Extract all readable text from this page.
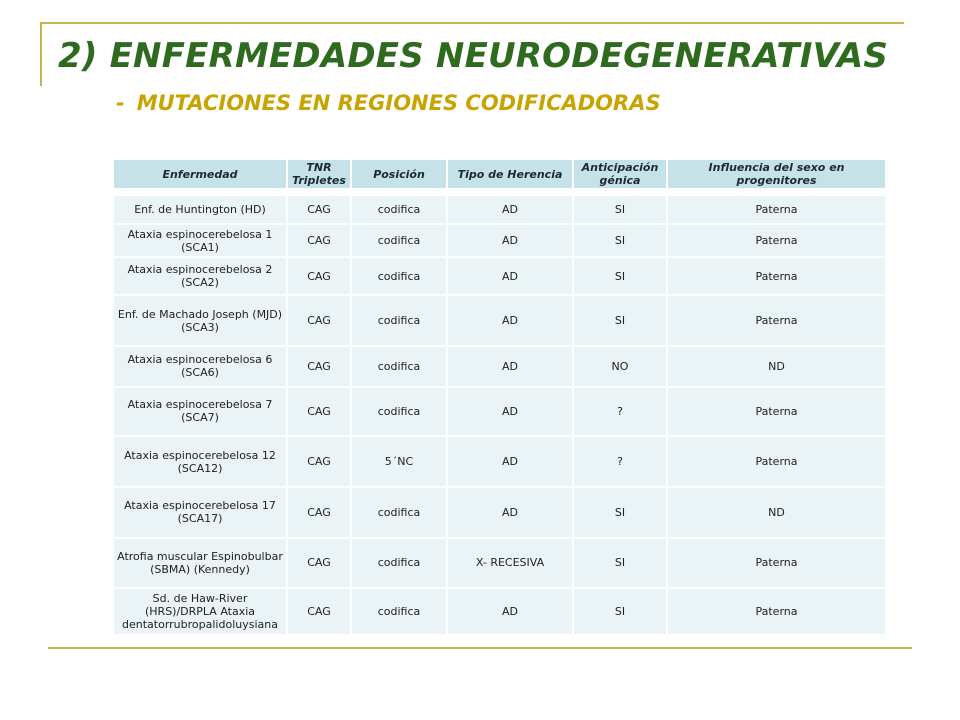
2) ENFERMEDADES NEURODEGENERATIVAS
- MUTACIONES EN REGIONES CODIFICADORAS
Enfermedad	TNR Tripletes	Posición	Tipo de Herencia	Anticipación génica	Influencia del sexo en progenitores

Enf. de Huntington (HD)	CAG	codifica	AD	SI	Paterna
Ataxia espinocerebelosa 1 (SCA1)	CAG	codifica	AD	SI	Paterna
Ataxia espinocerebelosa 2 (SCA2)	CAG	codifica	AD	SI	Paterna
Enf. de Machado Joseph (MJD) (SCA3)	CAG	codifica	AD	SI	Paterna
Ataxia espinocerebelosa 6 (SCA6)	CAG	codifica	AD	NO	ND
Ataxia espinocerebelosa 7 (SCA7)	CAG	codifica	AD	?	Paterna
Ataxia espinocerebelosa 12 (SCA12)	CAG	5´NC	AD	?	Paterna
Ataxia espinocerebelosa 17 (SCA17)	CAG	codifica	AD	SI	ND
Atrofia muscular Espinobulbar (SBMA) (Kennedy)	CAG	codifica	X- RECESIVA	SI	Paterna
Sd. de Haw-River (HRS)/DRPLA Ataxia dentatorrubropalidoluysiana	CAG	codifica	AD	SI	Paterna
